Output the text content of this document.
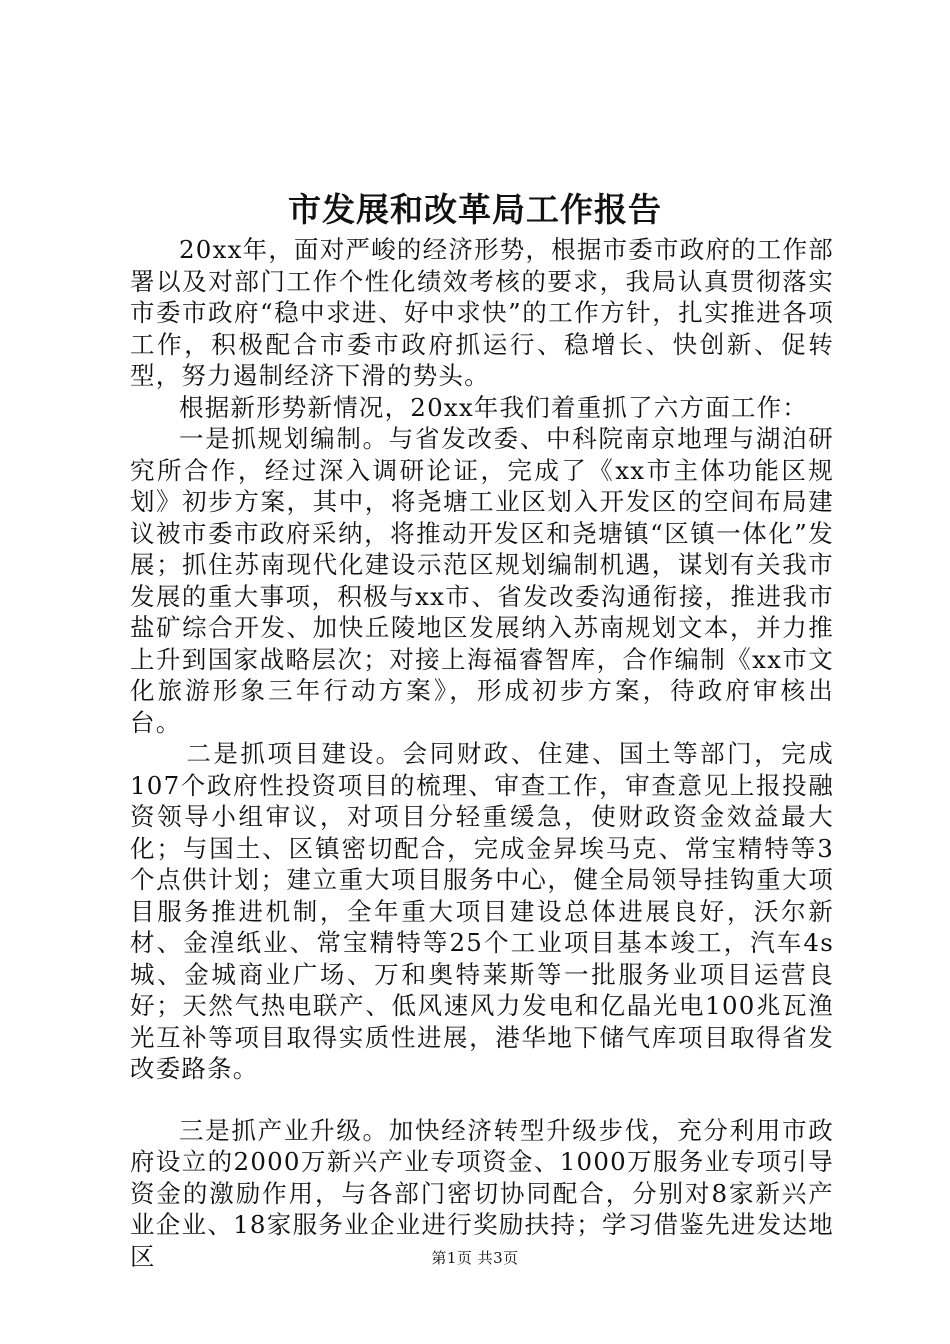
市发展和改革局工作报告

20xx年，面对严峻的经济形势，根据市委市政府的工作部署以及对部门工作个性化绩效考核的要求，我局认真贯彻落实市委市政府“稳中求进、好中求快”的工作方针，扎实推进各项工作，积极配合市委市政府抓运行、稳增长、快创新、促转型，努力遏制经济下滑的势头。

根据新形势新情况，20xx年我们着重抓了六方面工作：

一是抓规划编制。与省发改委、中科院南京地理与湖泊研究所合作，经过深入调研论证，完成了《xx市主体功能区规划》初步方案，其中，将尧塘工业区划入开发区的空间布局建议被市委市政府采纳，将推动开发区和尧塘镇“区镇一体化”发展；抓住苏南现代化建设示范区规划编制机遇，谋划有关我市发展的重大事项，积极与xx市、省发改委沟通衔接，推进我市盐矿综合开发、加快丘陵地区发展纳入苏南规划文本，并力推上升到国家战略层次；对接上海福睿智库，合作编制《xx市文化旅游形象三年行动方案》，形成初步方案，待政府审核出台。

二是抓项目建设。会同财政、住建、国土等部门，完成107个政府性投资项目的梳理、审查工作，审查意见上报投融资领导小组审议，对项目分轻重缓急，使财政资金效益最大化；与国土、区镇密切配合，完成金昇埃马克、常宝精特等3个点供计划；建立重大项目服务中心，健全局领导挂钩重大项目服务推进机制，全年重大项目建设总体进展良好，沃尔新材、金湟纸业、常宝精特等25个工业项目基本竣工，汽车4s城、金城商业广场、万和奥特莱斯等一批服务业项目运营良好；天然气热电联产、低风速风力发电和亿晶光电100兆瓦渔光互补等项目取得实质性进展，港华地下储气库项目取得省发改委路条。

三是抓产业升级。加快经济转型升级步伐，充分利用市政府设立的2000万新兴产业专项资金、1000万服务业专项引导资金的激励作用，与各部门密切协同配合，分别对8家新兴产业企业、18家服务业企业进行奖励扶持；学习借鉴先进发达地区	第1页 共3页
